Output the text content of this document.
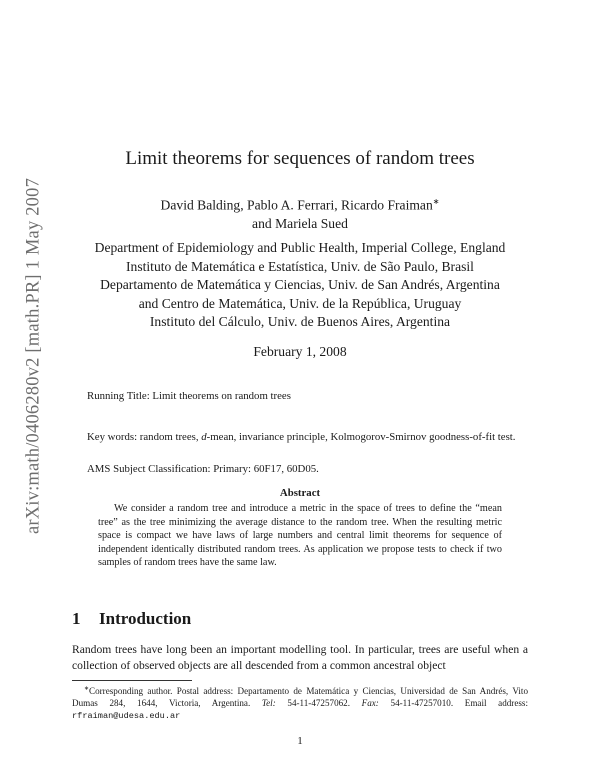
arXiv:math/0406280v2 [math.PR] 1 May 2007
Limit theorems for sequences of random trees
David Balding, Pablo A. Ferrari, Ricardo Fraiman∗
and Mariela Sued
Department of Epidemiology and Public Health, Imperial College, England
Instituto de Matemática e Estatística, Univ. de São Paulo, Brasil
Departamento de Matemática y Ciencias, Univ. de San Andrés, Argentina
and Centro de Matemática, Univ. de la República, Uruguay
Instituto del Cálculo, Univ. de Buenos Aires, Argentina
February 1, 2008
Running Title: Limit theorems on random trees
Key words: random trees, d-mean, invariance principle, Kolmogorov-Smirnov goodness-of-fit test.
AMS Subject Classification: Primary: 60F17, 60D05.
Abstract
We consider a random tree and introduce a metric in the space of trees to define the “mean tree” as the tree minimizing the average distance to the random tree. When the resulting metric space is compact we have laws of large numbers and central limit theorems for sequence of independent identically distributed random trees. As application we propose tests to check if two samples of random trees have the same law.
1 Introduction
Random trees have long been an important modelling tool. In particular, trees are useful when a collection of observed objects are all descended from a common ancestral object
∗Corresponding author. Postal address: Departamento de Matemática y Ciencias, Universidad de San Andrés, Vito Dumas 284, 1644, Victoria, Argentina. Tel: 54-11-47257062. Fax: 54-11-47257010. Email address: rfraiman@udesa.edu.ar
1
